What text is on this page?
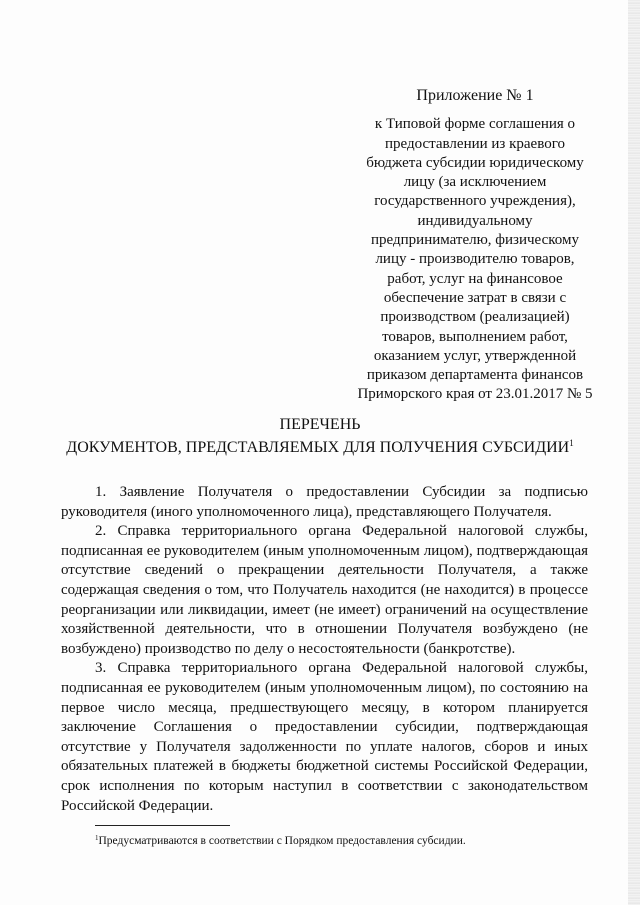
Приложение № 1
к Типовой форме соглашения о
предоставлении из краевого
бюджета субсидии юридическому
лицу (за исключением
государственного учреждения),
индивидуальному
предпринимателю, физическому
лицу - производителю товаров,
работ, услуг на финансовое
обеспечение затрат в связи с
производством (реализацией)
товаров, выполнением работ,
оказанием услуг, утвержденной
приказом департамента финансов
Приморского края от 23.01.2017 № 5
ПЕРЕЧЕНЬ
ДОКУМЕНТОВ, ПРЕДСТАВЛЯЕМЫХ ДЛЯ ПОЛУЧЕНИЯ СУБСИДИИ$^1$

1. Заявление Получателя о предоставлении Субсидии за подписью руководителя (иного уполномоченного лица), представляющего Получателя.

2. Справка территориального органа Федеральной налоговой службы, подписанная ее руководителем (иным уполномоченным лицом), подтверждающая отсутствие сведений о прекращении деятельности Получателя, а также содержащая сведения о том, что Получатель находится (не находится) в процессе реорганизации или ликвидации, имеет (не имеет) ограничений на осуществление хозяйственной деятельности, что в отношении Получателя возбуждено (не возбуждено) производство по делу о несостоятельности (банкротстве).

3. Справка территориального органа Федеральной налоговой службы, подписанная ее руководителем (иным уполномоченным лицом), по состоянию на первое число месяца, предшествующего месяцу, в котором планируется заключение Соглашения о предоставлении субсидии, подтверждающая отсутствие у Получателя задолженности по уплате налогов, сборов и иных обязательных платежей в бюджеты бюджетной системы Российской Федерации, срок исполнения по которым наступил в соответствии с законодательством Российской Федерации.

$^1$Предусматриваются в соответствии с Порядком предоставления субсидии.
